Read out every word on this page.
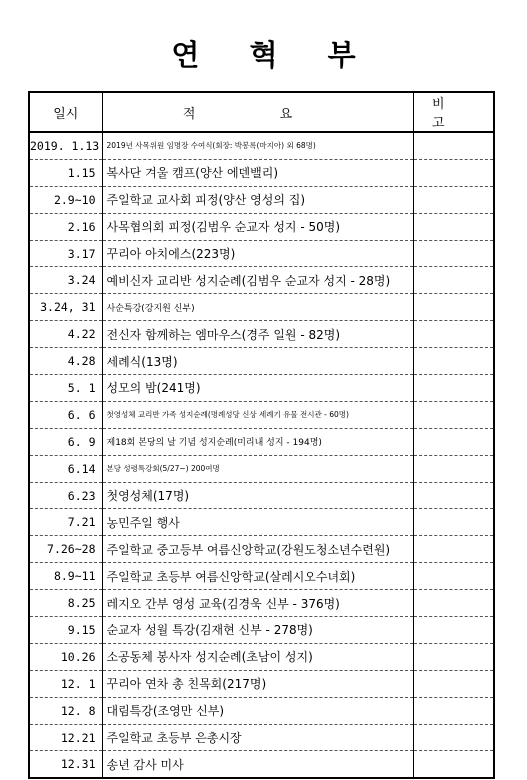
연 혁 부
일시	적 요	비 고
2019. 1.13	2019년 사목위원 임명장 수여식(회장: 박봉록(마지아) 외 68명)	
1.15	복사단 겨울 캠프(양산 에덴밸리)	
2.9~10	주일학교 교사회 피정(양산 영성의 집)	
2.16	사목협의회 피정(김범우 순교자 성지 - 50명)	
3.17	꾸리아 아치에스(223명)	
3.24	예비신자 교리반 성지순례(김범우 순교자 성지 - 28명)	
3.24, 31	사순특강(강지원 신부)	
4.22	전신자 함께하는 엠마우스(경주 일원 - 82명)	
4.28	세례식(13명)	
5. 1	성모의 밤(241명)	
6. 6	첫영성체 교리반 가족 성지순례(명례성당 신상 세례기 유물 전시관 - 60명)	
6. 9	제18회 본당의 날 기념 성지순례(미리내 성지 - 194명)	
6.14	본당 성령특강회(5/27~) 200여명	
6.23	첫영성체(17명)	
7.21	농민주일 행사	
7.26~28	주일학교 중고등부 여름신앙학교(강원도청소년수련원)	
8.9~11	주일학교 초등부 여름신앙학교(살레시오수녀회)	
8.25	레지오 간부 영성 교육(김경욱 신부 - 376명)	
9.15	순교자 성월 특강(김재현 신부 - 278명)	
10.26	소공동체 봉사자 성지순례(초남이 성지)	
12. 1	꾸리아 연차 총 친목회(217명)	
12. 8	대림특강(조영만 신부)	
12.21	주일학교 초등부 은총시장	
12.31	송년 감사 미사	
